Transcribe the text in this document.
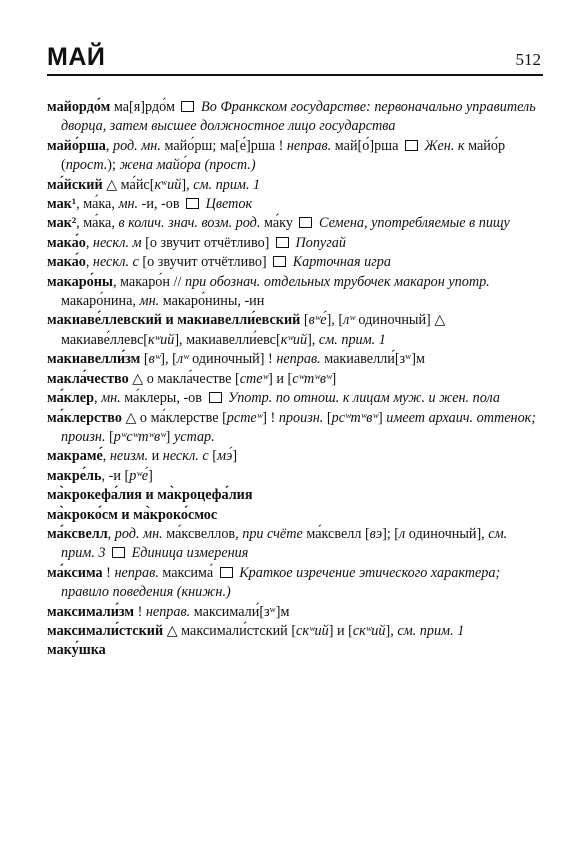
МАЙ	512

майордо́м ма[я]рдо́м  Во Франкском государстве: первоначально управитель дворца, затем высшее должностное лицо государства

майо́рша, род. мн. майо́рш; ма[е́]рша ! неправ. май[о́]рша  Жен. к майо́р (прост.); жена майо́ра (прост.)

ма́йский △ ма́йс[кʷий], см. прим. 1

мак¹, ма́ка, мн. -и, -ов  Цветок

мак², ма́ка, в колич. знач. возм. род. ма́ку  Семена, употребляемые в пищу

мака́о, нескл. м [о звучит отчётливо]  Попугай

мака́о, нескл. с [о звучит отчётливо]  Карточная игра

макаро́ны, макаро́н // при обознач. отдельных трубочек макарон употр. макаро́нина, мн. макаро́нины, -ин

макиаве́ллевский и макиавелли́евский [вʷе́], [лʷ одиночный] △ макиаве́ллевс[кʷий], макиавелли́евс[кʷий], см. прим. 1

макиавелли́зм [вʷ], [лʷ одиночный] ! неправ. макиавелли́[зʷ]м

макла́чество △ о макла́честве [стеʷ] и [сʷтʷвʷ]

ма́клер, мн. ма́клеры, -ов  Употр. по отнош. к лицам муж. и жен. пола

ма́клерство △ о ма́клерстве [рстеʷ] ! произн. [рсʷтʷвʷ] имеет архаич. оттенок; произн. [рʷсʷтʷвʷ] устар.

макраме́, неизм. и нескл. с [мэ́]

макре́ль, -и [рʷе́]

ма̀крокефа́лия и ма̀кроцефа́лия

ма̀кроко́см и ма̀кроко́смос

ма́ксвелл, род. мн. ма́ксвеллов, при счёте ма́ксвелл [вэ]; [л одиночный], см. прим. 3  Единица измерения

ма́ксима ! неправ. максима́  Краткое изречение этического характера; правило поведения (книжн.)

максимали́зм ! неправ. максимали́[зʷ]м

максимали́стский △ максимали́стский [скʷий] и [скʷий], см. прим. 1

маку́шка
